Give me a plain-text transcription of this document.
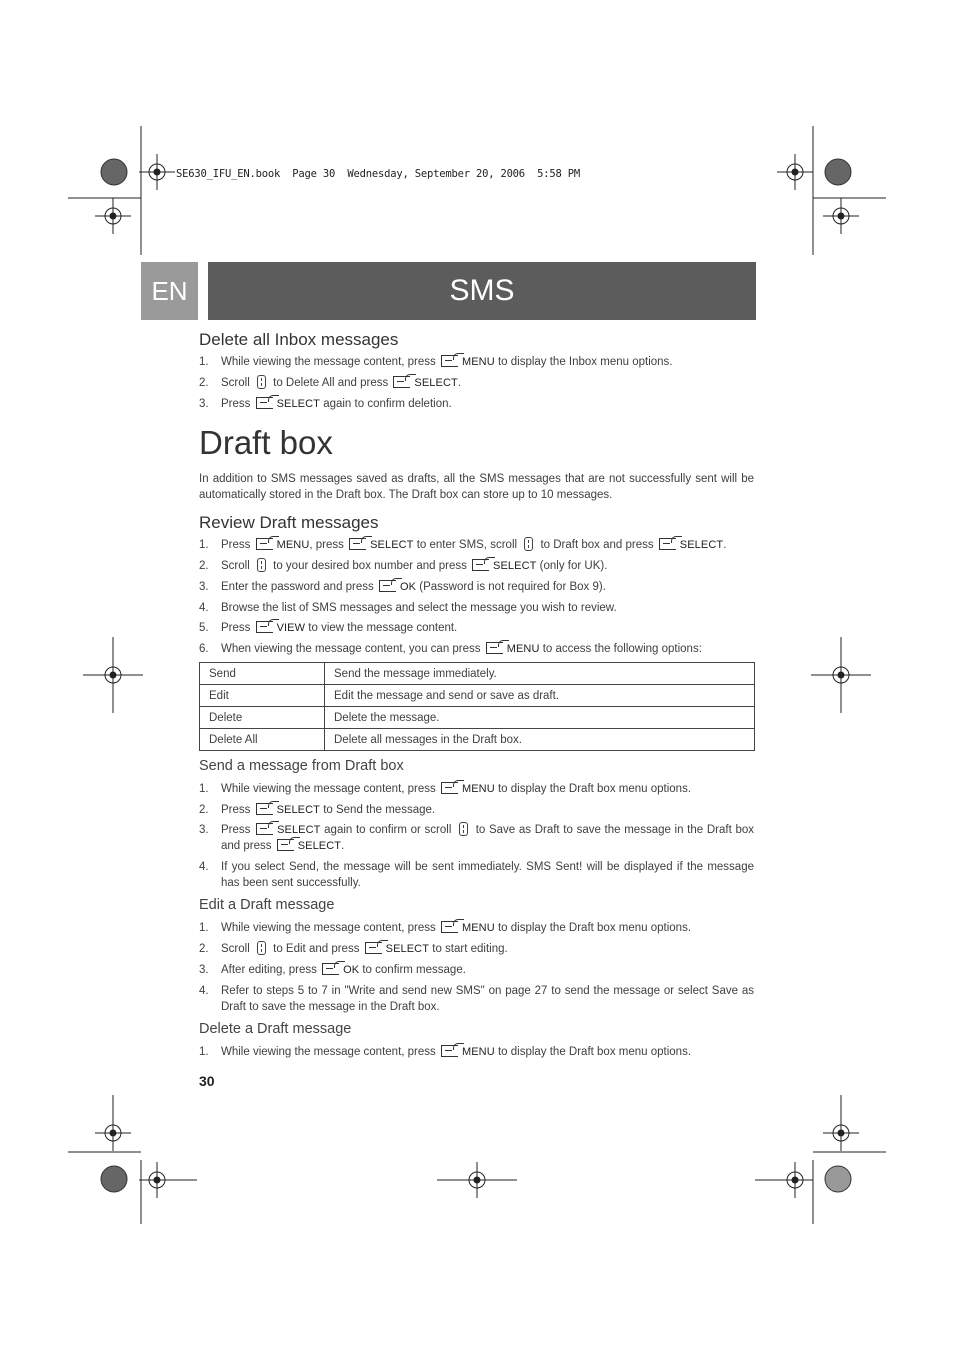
SE630_IFU_EN.book  Page 30  Wednesday, September 20, 2006  5:58 PM
EN	SMS
Delete all Inbox messages
1. While viewing the message content, press MENU to display the Inbox menu options.
2. Scroll  to Delete All and press SELECT.
3. Press SELECT again to confirm deletion.
Draft box
In addition to SMS messages saved as drafts, all the SMS messages that are not successfully sent will be automatically stored in the Draft box. The Draft box can store up to 10 messages.
Review Draft messages
1. Press MENU, press SELECT to enter SMS, scroll  to Draft box and press SELECT.
2. Scroll  to your desired box number and press SELECT (only for UK).
3. Enter the password and press OK (Password is not required for Box 9).
4. Browse the list of SMS messages and select the message you wish to review.
5. Press VIEW to view the message content.
6. When viewing the message content, you can press MENU to access the following options:
Send	Send the message immediately.
Edit	Edit the message and send or save as draft.
Delete	Delete the message.
Delete All	Delete all messages in the Draft box.
Send a message from Draft box
1. While viewing the message content, press MENU to display the Draft box menu options.
2. Press SELECT to Send the message.
3. Press SELECT again to confirm or scroll  to Save as Draft to save the message in the Draft box and press SELECT.
4. If you select Send, the message will be sent immediately. SMS Sent! will be displayed if the message has been sent successfully.
Edit a Draft message
1. While viewing the message content, press MENU to display the Draft box menu options.
2. Scroll  to Edit and press SELECT to start editing.
3. After editing, press OK to confirm message.
4. Refer to steps 5 to 7 in "Write and send new SMS" on page 27 to send the message or select Save as Draft to save the message in the Draft box.
Delete a Draft message
1. While viewing the message content, press MENU to display the Draft box menu options.
30
